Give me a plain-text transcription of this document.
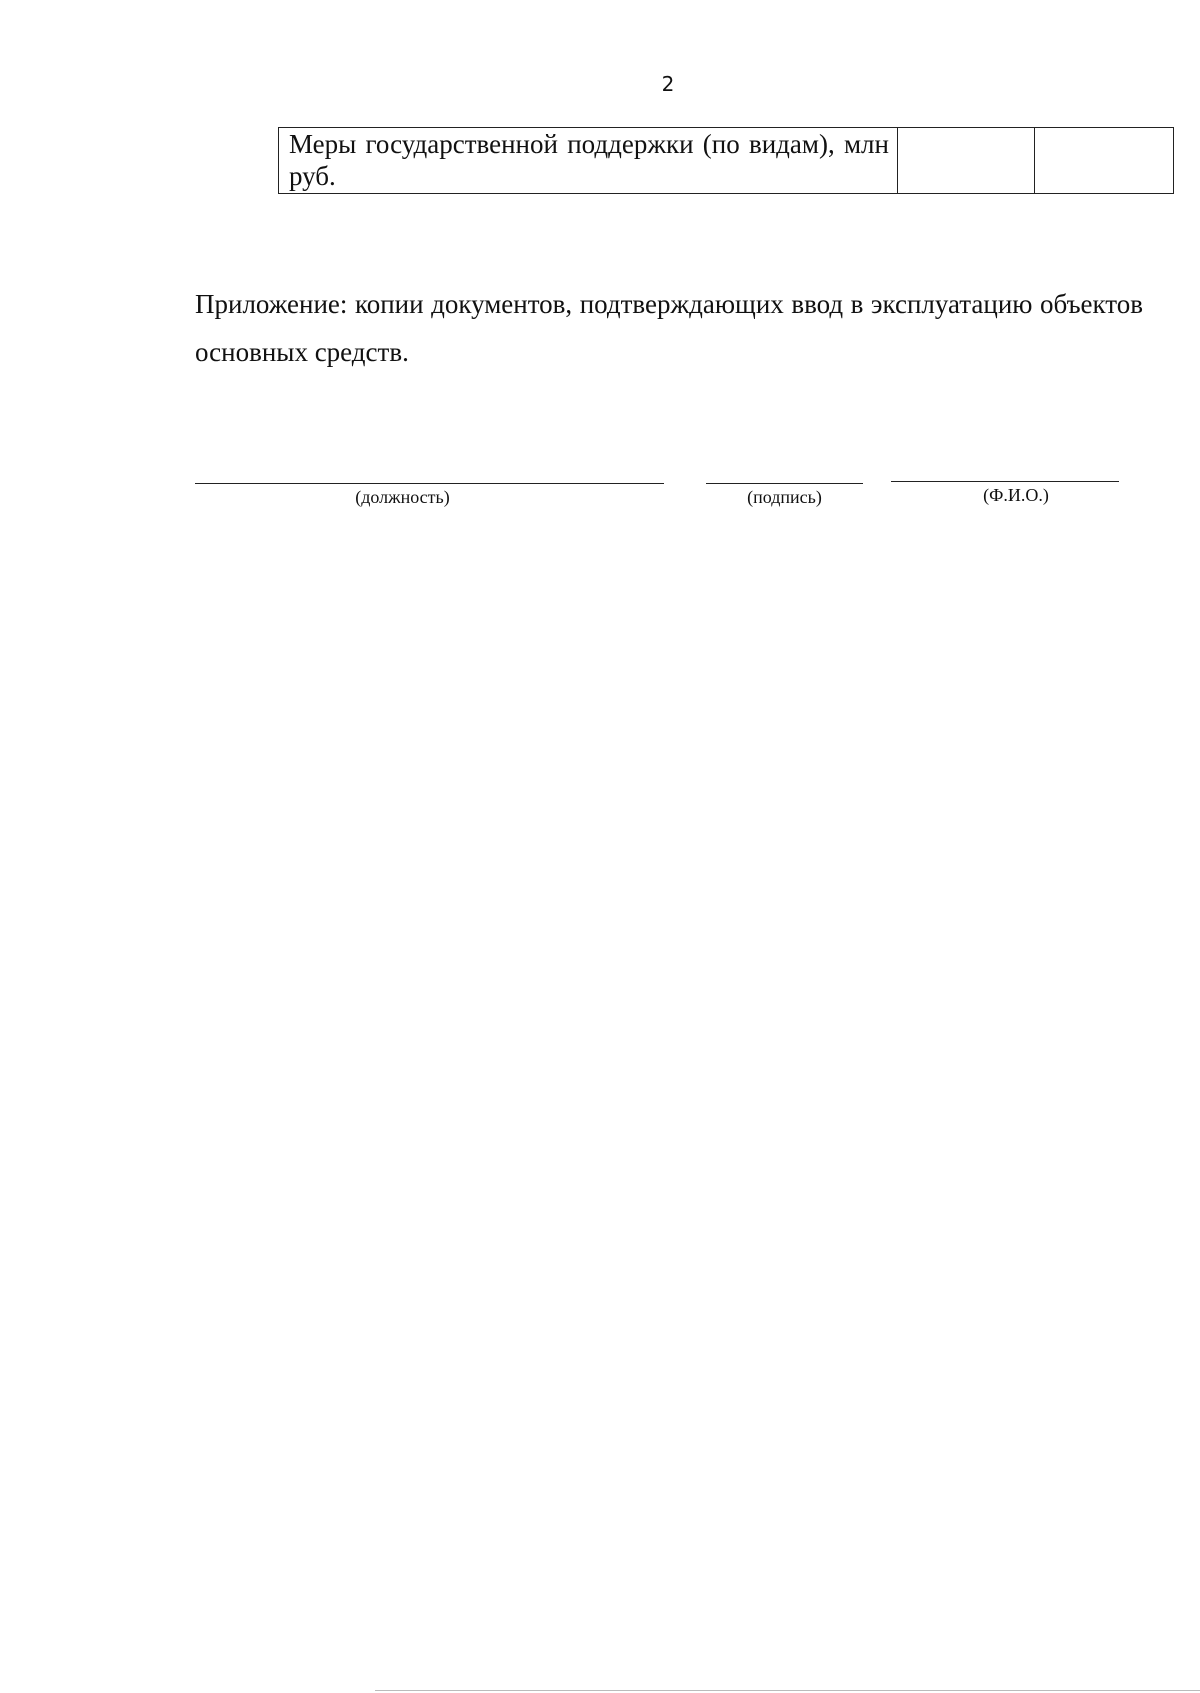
2
Меры государственной поддержки (по видам), млн руб.		
Приложение: копии документов, подтверждающих ввод в эксплуатацию объектов основных средств.
(должность)	(подпись)	(Ф.И.О.)
